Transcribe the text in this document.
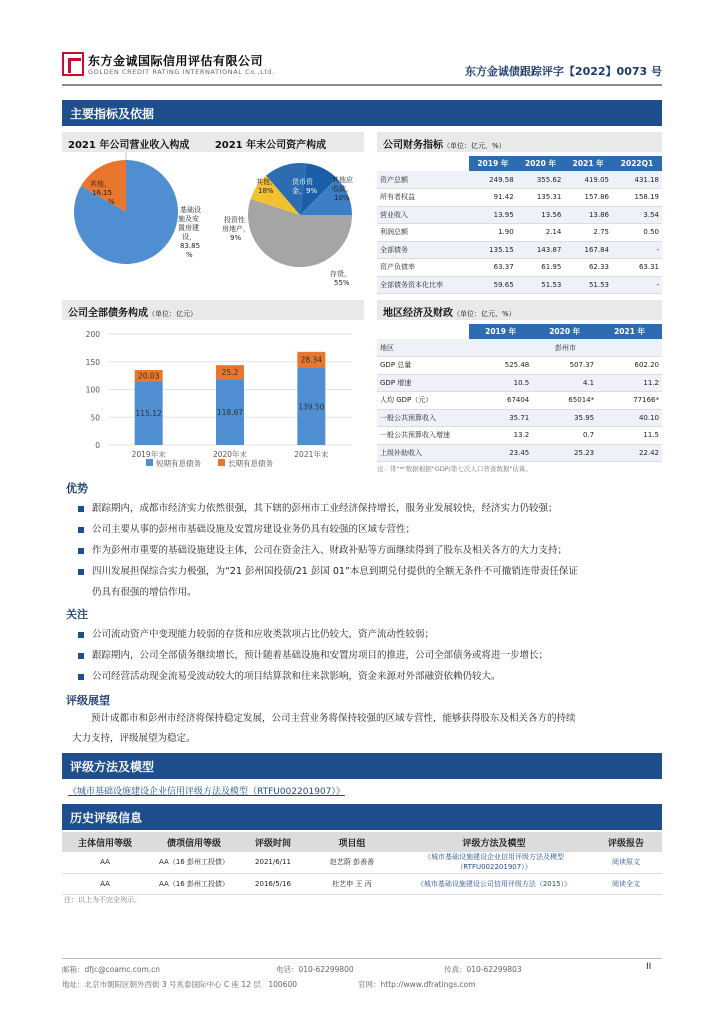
东方金诚国际信用评估有限公司
GOLDEN CREDIT RATING INTERNATIONAL Co.,Ltd.	东方金诚债跟踪评字【2022】0073 号
主要指标及依据
2021 年公司营业收入构成	2021 年末公司资产构成
其他，
16.15
%
基础设
施及安
置房建
设，
83.85
%
其他，
18%
货币资
金，9%
其他应
收款，
10%
投资性
房地产，
9%
存货，
55%
公司财务指标（单位：亿元、%）
	2019 年	2020 年	2021 年	2022Q1
资产总额	249.58	355.62	419.05	431.18
所有者权益	91.42	135.31	157.86	158.19
营业收入	13.95	13.56	13.86	3.54
利润总额	1.90	2.14	2.75	0.50
全部债务	135.15	143.87	167.84	-
资产负债率	63.37	61.95	62.33	63.31
全部债务资本化比率	59.65	51.53	51.53	-
公司全部债务构成（单位：亿元）
0
50
100
150
200
115.12
20.03
2019年末
118.67
25.2
2020年末
139.50
28.34
2021年末
短期有息债务	长期有息债务
地区经济及财政（单位：亿元、%）
	2019 年	2020 年	2021 年
地区	彭州市		
GDP 总量	525.48	507.37	602.20
GDP 增速	10.5	4.1	11.2
人均 GDP（元）	67404	65014*	77166*
一般公共预算收入	35.71	35.95	40.10
一般公共预算收入增速	13.2	0.7	11.5
上级补助收入	23.45	25.23	22.42
注：带"*"数据根据"GDP/第七次人口普查数据"估算。
优势
跟踪期内，成都市经济实力依然很强，其下辖的彭州市工业经济保持增长，服务业发展较快，经济实力仍较强；
公司主要从事的彭州市基础设施及安置房建设业务仍具有较强的区域专营性；
作为彭州市重要的基础设施建设主体，公司在资金注入、财政补贴等方面继续得到了股东及相关各方的大力支持；
四川发展担保综合实力极强，为“21 彭州国投债/21 彭国 01”本息到期兑付提供的全额无条件不可撤销连带责任保证
仍具有很强的增信作用。
关注
公司流动资产中变现能力较弱的存货和应收类款项占比仍较大，资产流动性较弱；
跟踪期内，公司全部债务继续增长，预计随着基础设施和安置房项目的推进，公司全部债务或将进一步增长；
公司经营活动现金流易受波动较大的项目结算款和往来款影响，资金来源对外部融资依赖仍较大。
评级展望
预计成都市和彭州市经济将保持稳定发展，公司主营业务将保持较强的区域专营性，能够获得股东及相关各方的持续
大力支持，评级展望为稳定。
评级方法及模型
《城市基础设施建设企业信用评级方法及模型（RTFU002201907）》
历史评级信息
主体信用等级	债项信用等级	评级时间	项目组	评级方法及模型	评级报告
AA	AA（16 彭州工投债）	2021/6/11	赵艺蔚 彭善善	《城市基础设施建设企业信用评级方法及模型
（RTFU002201907）》	阅读原文
AA	AA（16 彭州工投债）	2016/5/16	杜艺申 王 丙	《城市基础设施建设公司信用评级方法（2015）》	阅读全文
注：以上为不完全列示。
邮箱：dfjc@coamc.com.cn	电话：010-62299800	传真：010-62299803	II
地址：北京市朝阳区朝外西街 3 号兆泰国际中心 C 座 12 层　100600	官网：http://www.dfratings.com
